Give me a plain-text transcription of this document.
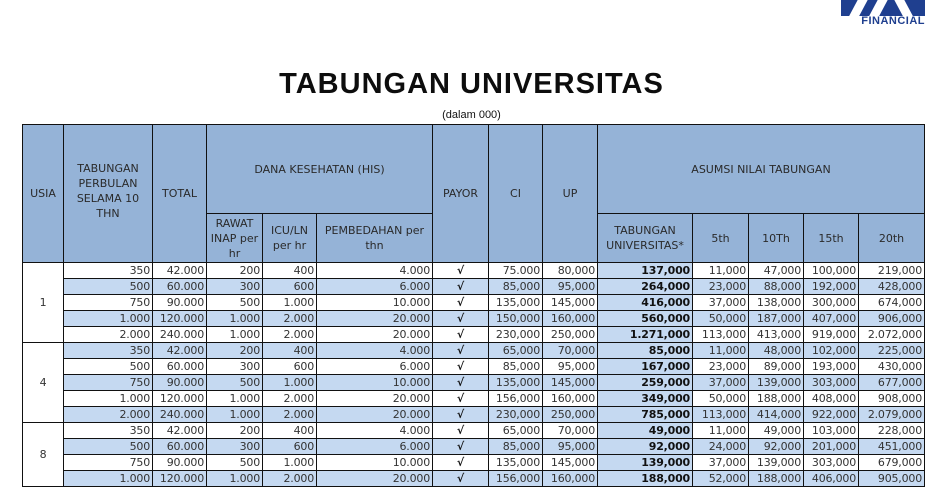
FINANCIAL
TABUNGAN UNIVERSITAS
(dalam 000)
USIA	TABUNGAN PERBULAN SELAMA 10 THN	TOTAL	DANA KESEHATAN (HIS)			PAYOR	CI	UP	ASUMSI NILAI TABUNGAN				
			RAWAT INAP per hr	ICU/LN per hr	PEMBEDAHAN per thn				TABUNGAN UNIVERSITAS*	5th	10Th	15th	20th
1	350	42.000	200	400	4.000	√	75.000	80,000	137,000	11,000	47,000	100,000	219,000
	500	60.000	300	600	6.000	√	85,000	95,000	264,000	23,000	88,000	192,000	428,000
	750	90.000	500	1.000	10.000	√	135,000	145,000	416,000	37,000	138,000	300,000	674,000
	1.000	120.000	1.000	2.000	20.000	√	150,000	160,000	560,000	50,000	187,000	407,000	906,000
	2.000	240.000	1.000	2.000	20.000	√	230,000	250,000	1.271,000	113,000	413,000	919,000	2.072,000
4	350	42.000	200	400	4.000	√	65,000	70,000	85,000	11,000	48,000	102,000	225,000
	500	60.000	300	600	6.000	√	85,000	95,000	167,000	23,000	89,000	193,000	430,000
	750	90.000	500	1.000	10.000	√	135,000	145,000	259,000	37,000	139,000	303,000	677,000
	1.000	120.000	1.000	2.000	20.000	√	156,000	160,000	349,000	50,000	188,000	408,000	908,000
	2.000	240.000	1.000	2.000	20.000	√	230,000	250,000	785,000	113,000	414,000	922,000	2.079,000
8	350	42.000	200	400	4.000	√	65,000	70,000	49,000	11,000	49,000	103,000	228,000
	500	60.000	300	600	6.000	√	85,000	95,000	92,000	24,000	92,000	201,000	451,000
	750	90.000	500	1.000	10.000	√	135,000	145,000	139,000	37,000	139,000	303,000	679,000
	1.000	120.000	1.000	2.000	20.000	√	156,000	160,000	188,000	52,000	188,000	406,000	905,000
